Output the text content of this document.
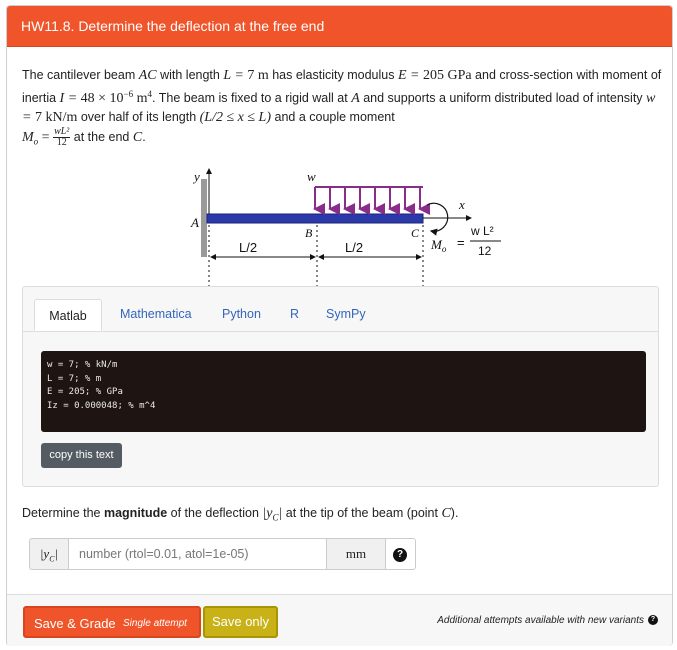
HW11.8. Determine the deflection at the free end
The cantilever beam AC with length L = 7 m has elasticity modulus E = 205 GPa and cross-section with moment of inertia $I = 48 \times 10^{-6}$ $m^4$. The beam is fixed to a rigid wall at A and supports a uniform distributed load of intensity w = 7 kN/m over half of its length (L/2 ≤ x ≤ L) and a couple moment
$M_o = \frac{\text{wL²}}{12}$ at the end C.
y
x
A
B	C
w
$M_o$ =
w L²
12
L/2	L/2
Matlab	Mathematica Python R SymPy
w = 7; % kN/m
L = 7; % m
E = 205; % GPa
Iz = 0.000048; % m^4
copy this text
Determine the magnitude of the deflection $|y_C|$ at the tip of the beam (point C).
$|y_C|$
number (rtol=0.01, atol=1e-05)	mm	?
Save & Grade Single attempt	Save only	Additional attempts available with new variants ?
